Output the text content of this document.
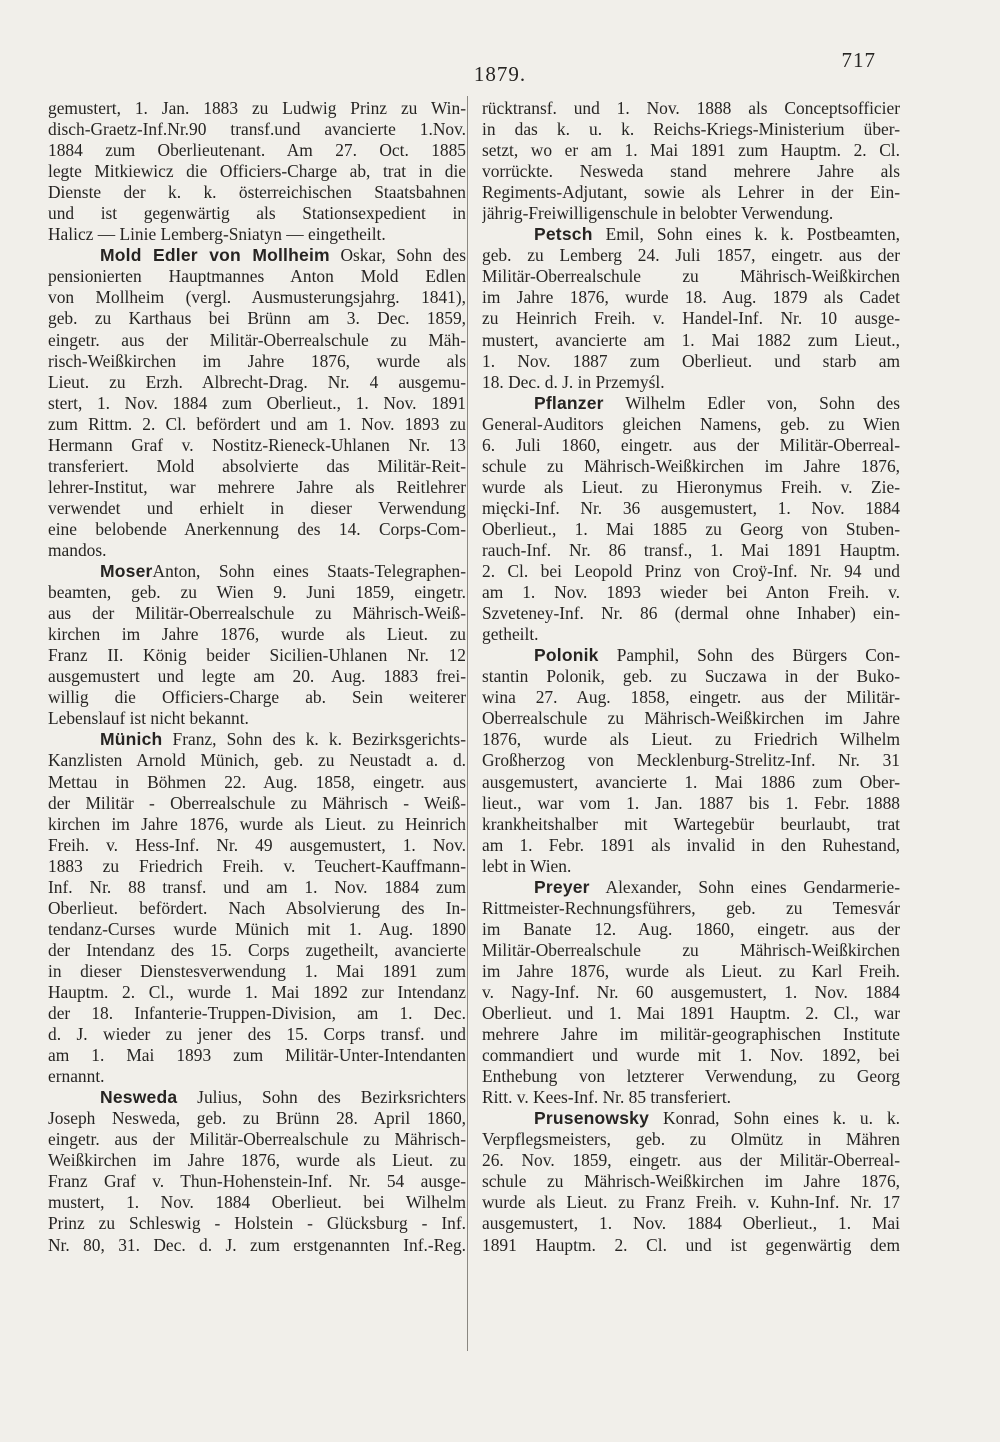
1879.
717
gemustert, 1. Jan. 1883 zu Ludwig Prinz zu Win-
disch-Graetz-Inf.Nr.90 transf.und avancierte 1.Nov.
1884 zum Oberlieutenant. Am 27. Oct. 1885
legte Mitkiewicz die Officiers-Charge ab, trat in die
Dienste der k. k. österreichischen Staatsbahnen
und ist gegenwärtig als Stationsexpedient in
Halicz — Linie Lemberg-Sniatyn — eingetheilt.
Mold Edler von Mollheim Oskar, Sohn des
pensionierten Hauptmannes Anton Mold Edlen
von Mollheim (vergl. Ausmusterungsjahrg. 1841),
geb. zu Karthaus bei Brünn am 3. Dec. 1859,
eingetr. aus der Militär-Oberrealschule zu Mäh-
risch-Weißkirchen im Jahre 1876, wurde als
Lieut. zu Erzh. Albrecht-Drag. Nr. 4 ausgemu-
stert, 1. Nov. 1884 zum Oberlieut., 1. Nov. 1891
zum Rittm. 2. Cl. befördert und am 1. Nov. 1893 zu
Hermann Graf v. Nostitz-Rieneck-Uhlanen Nr. 13
transferiert. Mold absolvierte das Militär-Reit-
lehrer-Institut, war mehrere Jahre als Reitlehrer
verwendet und erhielt in dieser Verwendung
eine belobende Anerkennung des 14. Corps-Com-
mandos.
MoserAnton, Sohn eines Staats-Telegraphen-
beamten, geb. zu Wien 9. Juni 1859, eingetr.
aus der Militär-Oberrealschule zu Mährisch-Weiß-
kirchen im Jahre 1876, wurde als Lieut. zu
Franz II. König beider Sicilien-Uhlanen Nr. 12
ausgemustert und legte am 20. Aug. 1883 frei-
willig die Officiers-Charge ab. Sein weiterer
Lebenslauf ist nicht bekannt.
Münich Franz, Sohn des k. k. Bezirksgerichts-
Kanzlisten Arnold Münich, geb. zu Neustadt a. d.
Mettau in Böhmen 22. Aug. 1858, eingetr. aus
der Militär - Oberrealschule zu Mährisch - Weiß-
kirchen im Jahre 1876, wurde als Lieut. zu Heinrich
Freih. v. Hess-Inf. Nr. 49 ausgemustert, 1. Nov.
1883 zu Friedrich Freih. v. Teuchert-Kauffmann-
Inf. Nr. 88 transf. und am 1. Nov. 1884 zum
Oberlieut. befördert. Nach Absolvierung des In-
tendanz-Curses wurde Münich mit 1. Aug. 1890
der Intendanz des 15. Corps zugetheilt, avancierte
in dieser Dienstesverwendung 1. Mai 1891 zum
Hauptm. 2. Cl., wurde 1. Mai 1892 zur Intendanz
der 18. Infanterie-Truppen-Division, am 1. Dec.
d. J. wieder zu jener des 15. Corps transf. und
am 1. Mai 1893 zum Militär-Unter-Intendanten
ernannt.
Nesweda Julius, Sohn des Bezirksrichters
Joseph Nesweda, geb. zu Brünn 28. April 1860,
eingetr. aus der Militär-Oberrealschule zu Mährisch-
Weißkirchen im Jahre 1876, wurde als Lieut. zu
Franz Graf v. Thun-Hohenstein-Inf. Nr. 54 ausge-
mustert, 1. Nov. 1884 Oberlieut. bei Wilhelm
Prinz zu Schleswig - Holstein - Glücksburg - Inf.
Nr. 80, 31. Dec. d. J. zum erstgenannten Inf.-Reg.
rücktransf. und 1. Nov. 1888 als Conceptsofficier
in das k. u. k. Reichs-Kriegs-Ministerium über-
setzt, wo er am 1. Mai 1891 zum Hauptm. 2. Cl.
vorrückte. Nesweda stand mehrere Jahre als
Regiments-Adjutant, sowie als Lehrer in der Ein-
jährig-Freiwilligenschule in belobter Verwendung.
Petsch Emil, Sohn eines k. k. Postbeamten,
geb. zu Lemberg 24. Juli 1857, eingetr. aus der
Militär-Oberrealschule zu Mährisch-Weißkirchen
im Jahre 1876, wurde 18. Aug. 1879 als Cadet
zu Heinrich Freih. v. Handel-Inf. Nr. 10 ausge-
mustert, avancierte am 1. Mai 1882 zum Lieut.,
1. Nov. 1887 zum Oberlieut. und starb am
18. Dec. d. J. in Przemyśl.
Pflanzer Wilhelm Edler von, Sohn des
General-Auditors gleichen Namens, geb. zu Wien
6. Juli 1860, eingetr. aus der Militär-Oberreal-
schule zu Mährisch-Weißkirchen im Jahre 1876,
wurde als Lieut. zu Hieronymus Freih. v. Zie-
mięcki-Inf. Nr. 36 ausgemustert, 1. Nov. 1884
Oberlieut., 1. Mai 1885 zu Georg von Stuben-
rauch-Inf. Nr. 86 transf., 1. Mai 1891 Hauptm.
2. Cl. bei Leopold Prinz von Croÿ-Inf. Nr. 94 und
am 1. Nov. 1893 wieder bei Anton Freih. v.
Szveteney-Inf. Nr. 86 (dermal ohne Inhaber) ein-
getheilt.
Polonik Pamphil, Sohn des Bürgers Con-
stantin Polonik, geb. zu Suczawa in der Buko-
wina 27. Aug. 1858, eingetr. aus der Militär-
Oberrealschule zu Mährisch-Weißkirchen im Jahre
1876, wurde als Lieut. zu Friedrich Wilhelm
Großherzog von Mecklenburg-Strelitz-Inf. Nr. 31
ausgemustert, avancierte 1. Mai 1886 zum Ober-
lieut., war vom 1. Jan. 1887 bis 1. Febr. 1888
krankheitshalber mit Wartegebür beurlaubt, trat
am 1. Febr. 1891 als invalid in den Ruhestand,
lebt in Wien.
Preyer Alexander, Sohn eines Gendarmerie-
Rittmeister-Rechnungsführers, geb. zu Temesvár
im Banate 12. Aug. 1860, eingetr. aus der
Militär-Oberrealschule zu Mährisch-Weißkirchen
im Jahre 1876, wurde als Lieut. zu Karl Freih.
v. Nagy-Inf. Nr. 60 ausgemustert, 1. Nov. 1884
Oberlieut. und 1. Mai 1891 Hauptm. 2. Cl., war
mehrere Jahre im militär-geographischen Institute
commandiert und wurde mit 1. Nov. 1892, bei
Enthebung von letzterer Verwendung, zu Georg
Ritt. v. Kees-Inf. Nr. 85 transferiert.
Prusenowsky Konrad, Sohn eines k. u. k.
Verpflegsmeisters, geb. zu Olmütz in Mähren
26. Nov. 1859, eingetr. aus der Militär-Oberreal-
schule zu Mährisch-Weißkirchen im Jahre 1876,
wurde als Lieut. zu Franz Freih. v. Kuhn-Inf. Nr. 17
ausgemustert, 1. Nov. 1884 Oberlieut., 1. Mai
1891 Hauptm. 2. Cl. und ist gegenwärtig dem
